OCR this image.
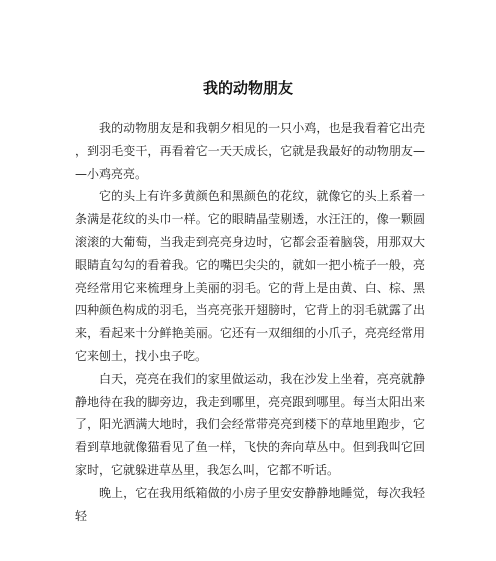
我的动物朋友

我的动物朋友是和我朝夕相见的一只小鸡，也是我看着它出壳，到羽毛变干，再看着它一天天成长，它就是我最好的动物朋友——小鸡亮亮。

它的头上有许多黄颜色和黑颜色的花纹，就像它的头上系着一条满是花纹的头巾一样。它的眼睛晶莹剔透，水汪汪的，像一颗圆滚滚的大葡萄，当我走到亮亮身边时，它都会歪着脑袋，用那双大眼睛直勾勾的看着我。它的嘴巴尖尖的，就如一把小梳子一般，亮亮经常用它来梳理身上美丽的羽毛。它的背上是由黄、白、棕、黑四种颜色构成的羽毛，当亮亮张开翅膀时，它背上的羽毛就露了出来，看起来十分鲜艳美丽。它还有一双细细的小爪子，亮亮经常用它来刨土，找小虫子吃。

白天，亮亮在我们的家里做运动，我在沙发上坐着，亮亮就静静地待在我的脚旁边，我走到哪里，亮亮跟到哪里。每当太阳出来了，阳光洒满大地时，我们会经常带亮亮到楼下的草地里跑步，它看到草地就像猫看见了鱼一样，飞快的奔向草丛中。但到我叫它回家时，它就躲进草丛里，我怎么叫，它都不听话。

晚上，它在我用纸箱做的小房子里安安静静地睡觉，每次我轻轻
